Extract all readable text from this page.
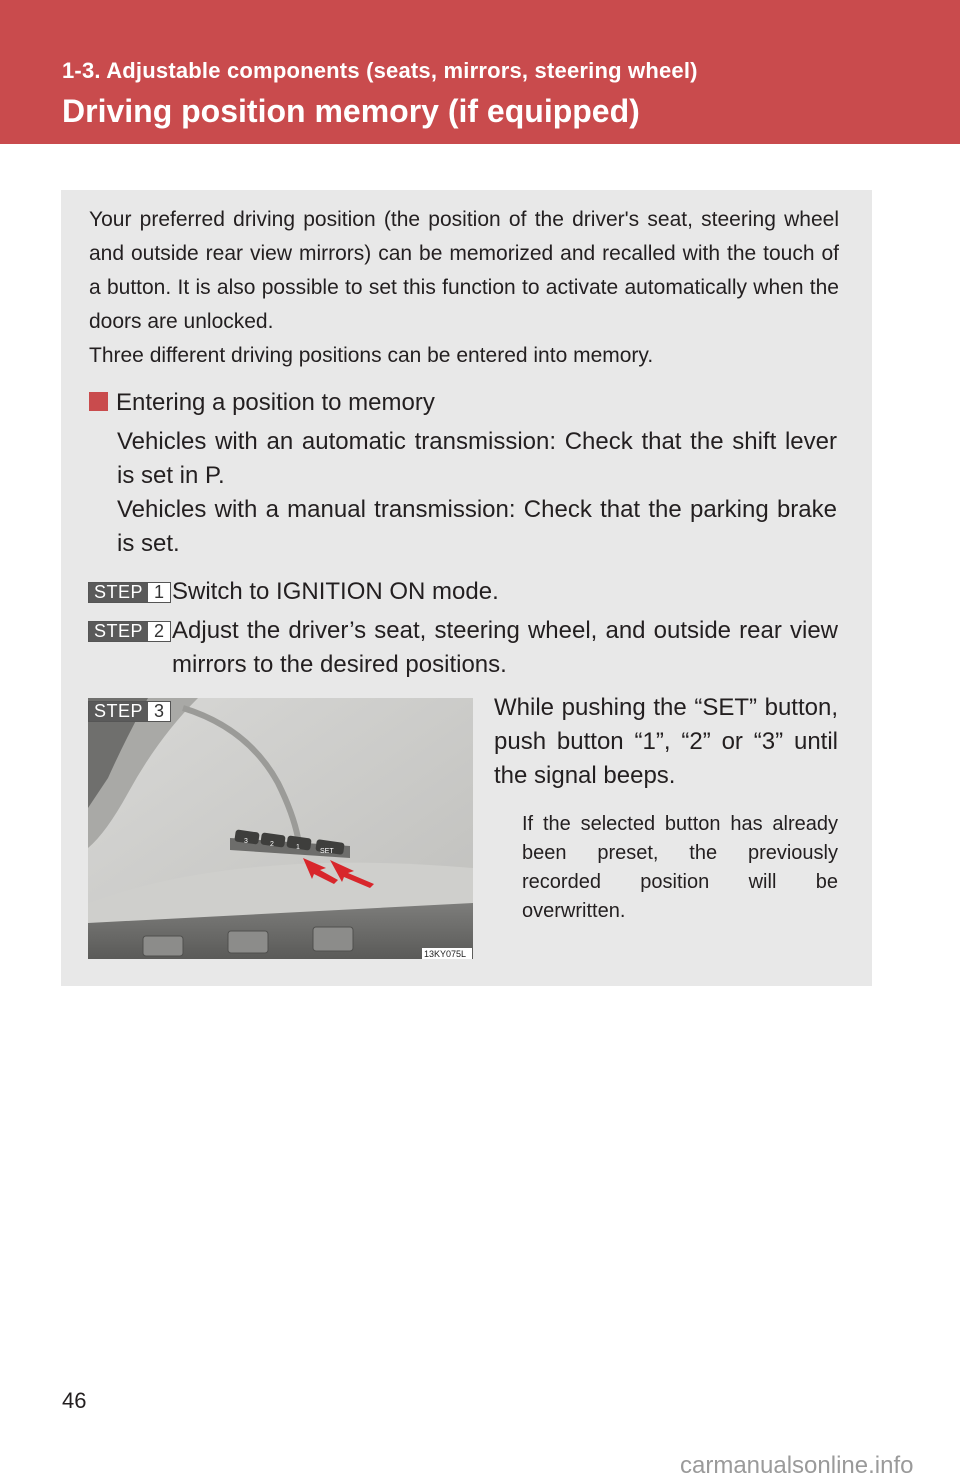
1-3. Adjustable components (seats, mirrors, steering wheel)
Driving position memory (if equipped)

Your preferred driving position (the position of the driver's seat, steering wheel and outside rear view mirrors) can be memorized and recalled with the touch of a button. It is also possible to set this function to activate automatically when the doors are unlocked.

Three different driving positions can be entered into memory.

Entering a position to memory

Vehicles with an automatic transmission: Check that the shift lever is set in P.

Vehicles with a manual transmission: Check that the parking brake is set.

STEP 1 Switch to IGNITION ON mode.
STEP 2 Adjust the driver’s seat, steering wheel, and outside rear view mirrors to the desired positions.
3	2	1
SET
13KY075L
STEP 3	While pushing the “SET” button, push button “1”, “2” or “3” until the signal beeps.
If the selected button has already been preset, the previously recorded position will be overwritten.
46
carmanualsonline.info
